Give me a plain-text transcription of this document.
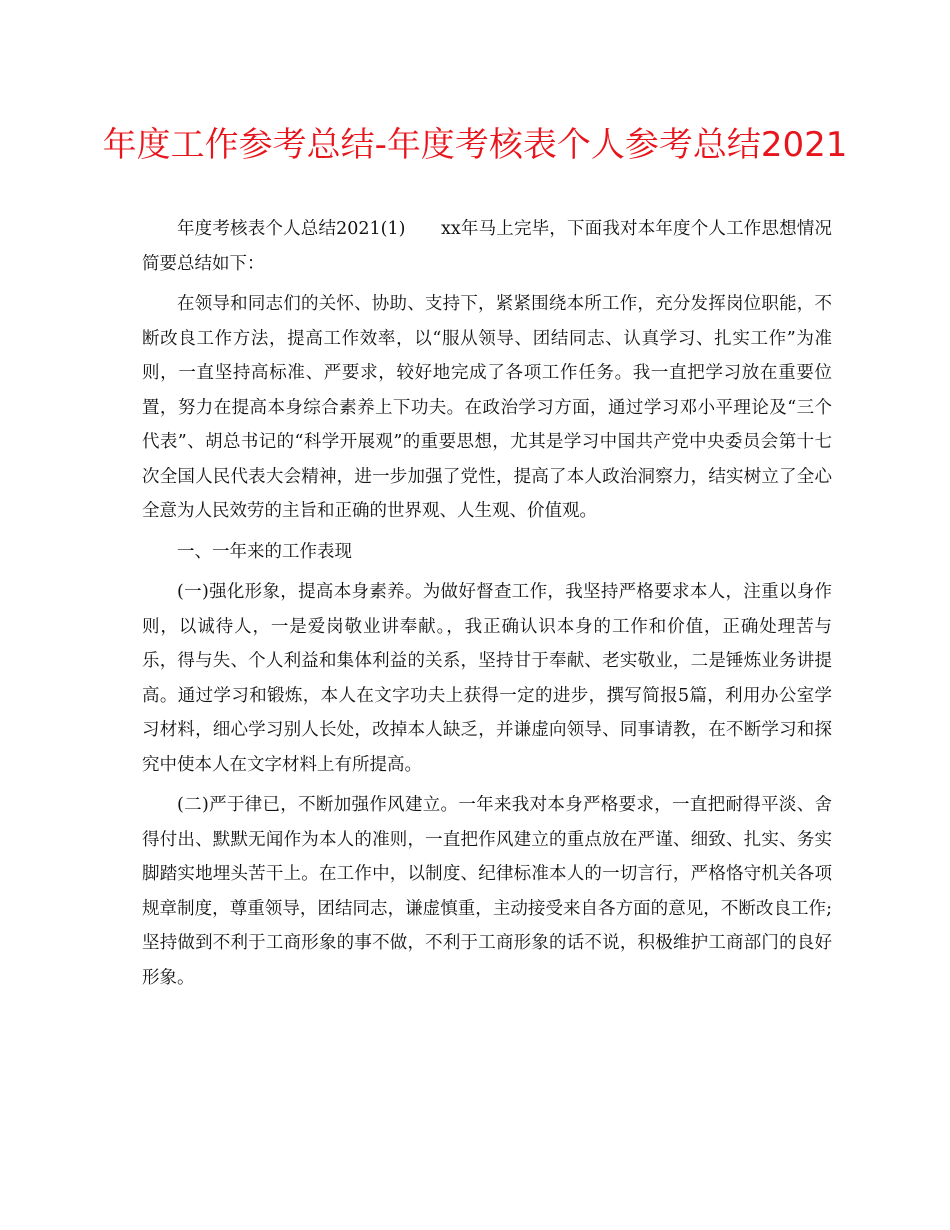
年度工作参考总结-年度考核表个人参考总结2021

年度考核表个人总结2021(1)　　xx年马上完毕，下面我对本年度个人工作思想情况简要总结如下：

在领导和同志们的关怀、协助、支持下，紧紧围绕本所工作，充分发挥岗位职能，不断改良工作方法，提高工作效率，以“服从领导、团结同志、认真学习、扎实工作”为准则，一直坚持高标准、严要求，较好地完成了各项工作任务。我一直把学习放在重要位置，努力在提高本身综合素养上下功夫。在政治学习方面，通过学习邓小平理论及“三个代表”、胡总书记的“科学开展观”的重要思想，尤其是学习中国共产党中央委员会第十七次全国人民代表大会精神，进一步加强了党性，提高了本人政治洞察力，结实树立了全心全意为人民效劳的主旨和正确的世界观、人生观、价值观。

一、一年来的工作表现

(一)强化形象，提高本身素养。为做好督查工作，我坚持严格要求本人，注重以身作则，以诚待人，一是爱岗敬业讲奉献。，我正确认识本身的工作和价值，正确处理苦与乐，得与失、个人利益和集体利益的关系，坚持甘于奉献、老实敬业，二是锤炼业务讲提高。通过学习和锻炼，本人在文字功夫上获得一定的进步，撰写简报5篇，利用办公室学习材料，细心学习别人长处，改掉本人缺乏，并谦虚向领导、同事请教，在不断学习和探究中使本人在文字材料上有所提高。

(二)严于律已，不断加强作风建立。一年来我对本身严格要求，一直把耐得平淡、舍得付出、默默无闻作为本人的准则，一直把作风建立的重点放在严谨、细致、扎实、务实脚踏实地埋头苦干上。在工作中，以制度、纪律标准本人的一切言行，严格恪守机关各项规章制度，尊重领导，团结同志，谦虚慎重，主动接受来自各方面的意见，不断改良工作;坚持做到不利于工商形象的事不做，不利于工商形象的话不说，积极维护工商部门的良好形象。
